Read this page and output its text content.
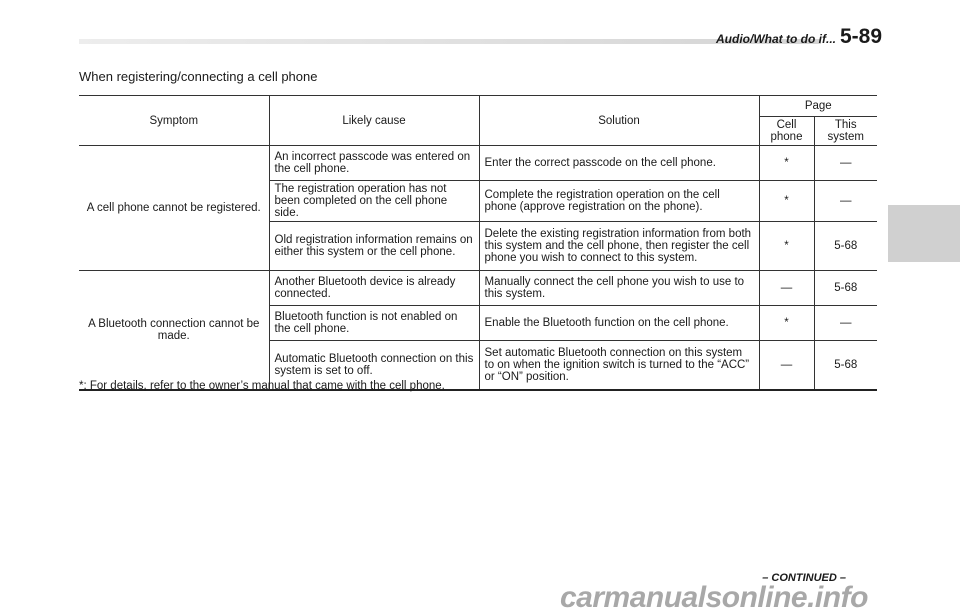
Audio/What to do if... 5-89
When registering/connecting a cell phone
Symptom	Likely cause	Solution	Page	
			Cell phone	This system
A cell phone cannot be registered.	An incorrect passcode was entered on the cell phone.	Enter the correct passcode on the cell phone.	*	—
	The registration operation has not been completed on the cell phone side.	Complete the registration operation on the cell phone (approve registration on the phone).	*	—
	Old registration information remains on either this system or the cell phone.	Delete the existing registration information from both this system and the cell phone, then register the cell phone you wish to connect to this system.	*	5-68
A Bluetooth connection cannot be made.	Another Bluetooth device is already connected.	Manually connect the cell phone you wish to use to this system.	—	5-68
	Bluetooth function is not enabled on the cell phone.	Enable the Bluetooth function on the cell phone.	*	—
	Automatic Bluetooth connection on this system is set to off.	Set automatic Bluetooth connection on this system to on when the ignition switch is turned to the “ACC” or “ON” position.	—	5-68
*: For details, refer to the owner’s manual that came with the cell phone.
– CONTINUED –
carmanualsonline.info
